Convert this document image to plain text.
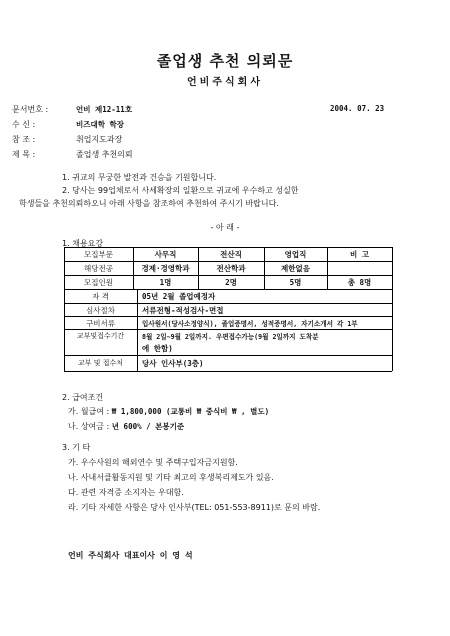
졸업생 추천 의뢰문
언비주식회사
문서번호 :	언비 제12-11호	2004. 07. 23
수 신 :	비즈대학 학장
참 조 :	취업지도과장
제 목 :	졸업생 추천의뢰
1. 귀교의 무궁한 발전과 건승을 기원합니다.
2. 당사는 99업체로서 사세확장의 일환으로 귀교에 우수하고 성실한
학생들을 추천의뢰하오니 아래 사항을 참조하여 추천하여 주시기 바랍니다.
- 아 래 -
1. 채용요강
모집부문	사무직	전산직	영업직	비 고
해당전공	경제·경영학과	전산학과	제한없음
모집인원	1명	2명	5명	총 8명
자 격	05년 2월 졸업예정자
심사절차	서류전형-적성검사-면접
구비서류	입사원서(당사소정양식), 졸업증명서, 성적증명서, 자기소개서 각 1부
교부및접수기간	8월 2일~9월 2일까지. 우편접수가능(9월 2일까지 도착분
에 한함)
교부 및 접수처	당사 인사부(3층)
2. 급여조건
가. 월급여 : ₩ 1,800,000 (교통비 ₩ 중식비 ₩ , 별도)
나. 상여금 : 년 600% / 본봉기준
3. 기 타
가. 우수사원의 해외연수 및 주택구입자금지원함.
나. 사내서클활동지원 및 기타 최고의 후생복리제도가 있음.
다. 관련 자격증 소지자는 우대함.
라. 기타 자세한 사항은 당사 인사부(TEL: 051-553-8911)로 문의 바람.
언비 주식회사 대표이사 이 영 석
